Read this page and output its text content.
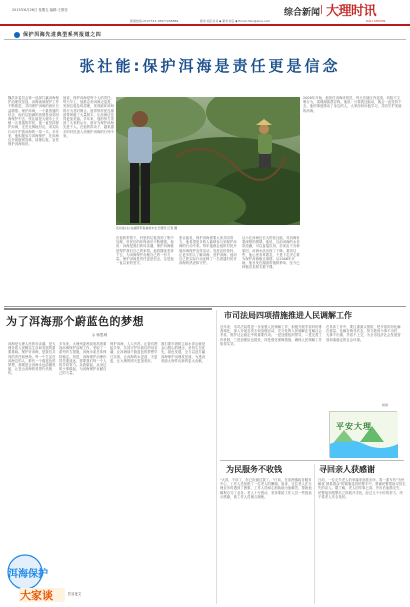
2015年6月26日 星期五 编辑:王倩莹
新闻热线:2127743 18977208889	新华书店书书 ◆ 新华书店 ◆ Email:dlsx@sina.com
综合新闻 | 大理时讯
DALI SHIXUN
保护洱海先进典型系列报道之四
张社能:保护洱海是责任更是信念
魏洪冲委员会第一选择打赢洱海保护治理攻坚战，洱海流域保护工作不断推进，共同保护洱海的意识日益增强。保护洱海，一个最普通的信念，他们以饱满的热情投身到洱海保护中去。张社能是大理市上关镇一名普通的村民，他一直坚持保护洱海，无怨无悔地付出，用实际行动守护着洱海的一草一木。多年来，他积极参与洱海保护，在洱海边开展植树造林，清理垃圾，宣传保护洱海知识。
他说，保护洱海是每个人的责任。每天早上，他都会到洱海边巡查，发现垃圾及时清理，发现破坏洱海的行为及时制止。他带领村民在湖滨带种植了大量树木，让洱海边变得更加美丽。多年来，他的努力得到了大家的认可，被评为保护洱海先进个人。在他的带动下，越来越多的村民加入到保护洱海的行列中来。
在他的带领下，村里的垃圾得到了集中处理，村民们的环保意识不断增强。他说：洱海是我们的母亲湖，保护洱海就是保护我们自己的家园。他将继续坚持下去，为洱海保护贡献自己的一份力量。保护洱海是责任更是信念，这是他一直以来的坚守。
张社能说，保护洱海需要大家共同努力，他希望更多的人能够参与到保护洱海的行动中来。每年他都会组织村民开展洱海保护宣传活动，发放宣传资料，让更多的人了解洱海、爱护洱海。他用自己的实际行动诠释了一名普通村民对洱海的热爱和守护。
从小在洱海边长大的张社能，对洱海有着深厚的感情。他说，以前洱海的水非常清澈，可以直接饮用，后来由于各种原因，洱海水质出现了下降。看到这些，他心里非常着急，于是下定决心要为保护洱海做点事情。从2006年开始，他自发在湖滨带植树种草，至今已种植各类树木数千棵。
2008年开始，他担任洱海协管员，每天在辖区内巡查，劝阻不文明行为，清理湖面漂浮物。他说：只要我还能动，就会一直坚持下去。他的事迹感动了身边的人，大家纷纷向他学习，共同守护美丽的洱海。
张社能(左)在湖滨带查看树木生长情况 记者 摄
为了洱海那个蔚蓝色的梦想
◎ 杨思城
洱海是大理人民的母亲湖，是大理各族人民赖以生存和发展的重要基础。保护好洱海，是我们共同的责任和使命。每一个生活在洱海边的人，都有一个蔚蓝色的梦想，那就是让洱海永远清澈美丽，让苍山洱海的美景代代相传。
多年来，大理州委州政府高度重视洱海保护治理工作，采取了一系列有力措施，洱海水质总体保持稳定。但是，洱海保护治理仍然任重道远，需要我们每一个人的共同努力。从我做起，从身边的小事做起，为洱海保护贡献自己的力量。
保护洱海，人人有责。让我们携起手来，共同守护好我们的母亲湖，让洱海那个蔚蓝色的梦想早日实现，让洱海的水更清、天更蓝，让大理的明天更加美好。
我们要牢固树立绿水青山就是金山银山的理念，坚持生态优先，绿色发展，全力以赴打赢洱海保护治理攻坚战，为建设美丽大理作出新的更大贡献。
洱海保护
大家谈	栏目征文
市司法局四项措施推进人民调解工作
近年来，市司法局将进一步加强人民调解工作，积极开展矛盾纠纷排查调处，深入开展各类专项治理活动，充分发挥人民调解在化解社会矛盾、维护社会稳定中的重要作用。一是加强组织领导，二是完善工作机制，三是加强队伍建设，四是强化保障措施，确保人民调解工作取得实效。
在具体工作中，要注重源头预防，把矛盾纠纷化解在基层、化解在萌芽状态，努力做到小事不出村、大事不出镇、矛盾不上交，为全市经济社会发展营造和谐稳定的社会环境。
杨建
平安大理
为民服务不收钱
"大叔，不用了，你已经谢过我了。"日前，在喜洲镇政务服务中心，工作人员拒绝了一位老人的酬谢。原来，这位老人在办理业务时遇到了困难，工作人员耐心细致地为他解答，帮助他顺利办完了业务。老人十分感动，坚持要给工作人员一些钱表示感谢，被工作人员婉言谢绝。
寻回亲人获感谢
日前，一位走失老人的家属来到派出所，将一面写有"为民解忧 情系群众"的锦旗送到民警手中，感谢民警帮助寻回走失的亲人。据了解，老人因年事已高，外出后迷路走失，民警接到报警后立即展开寻找，经过几个小时的努力，终于将老人安全找回。
